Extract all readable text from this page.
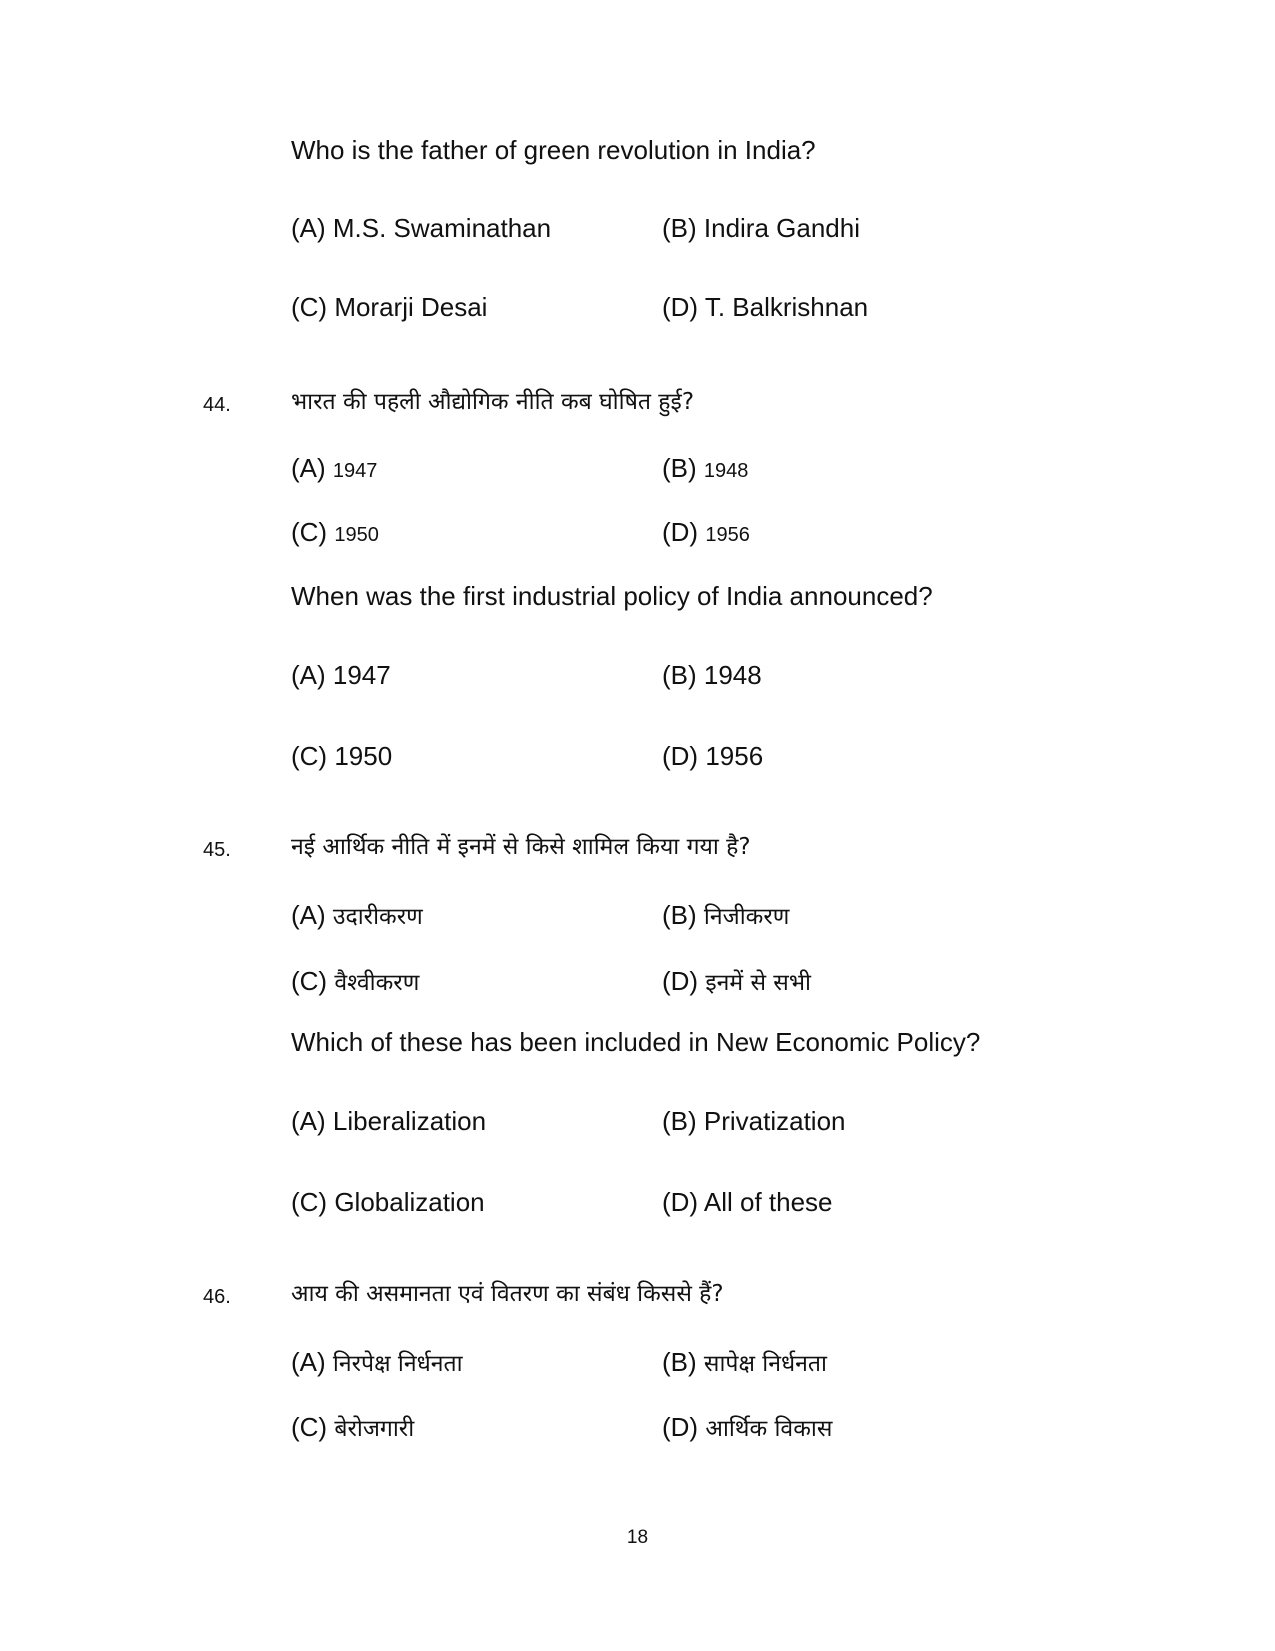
Who is the father of green revolution in India?
(A) M.S. Swaminathan	(B) Indira Gandhi
(C) Morarji Desai	(D) T. Balkrishnan
44.	भारत की पहली औद्योगिक नीति कब घोषित हुई?
(A) 1947	(B) 1948
(C) 1950	(D) 1956
When was the first industrial policy of India announced?
(A) 1947	(B) 1948
(C) 1950	(D) 1956
45.	नई आर्थिक नीति में इनमें से किसे शामिल किया गया है?
(A) उदारीकरण	(B) निजीकरण
(C) वैश्वीकरण	(D) इनमें से सभी
Which of these has been included in New Economic Policy?
(A) Liberalization	(B) Privatization
(C) Globalization	(D) All of these
46.	आय की असमानता एवं वितरण का संबंध किससे हैं?
(A) निरपेक्ष निर्धनता	(B) सापेक्ष निर्धनता
(C) बेरोजगारी	(D) आर्थिक विकास
18
